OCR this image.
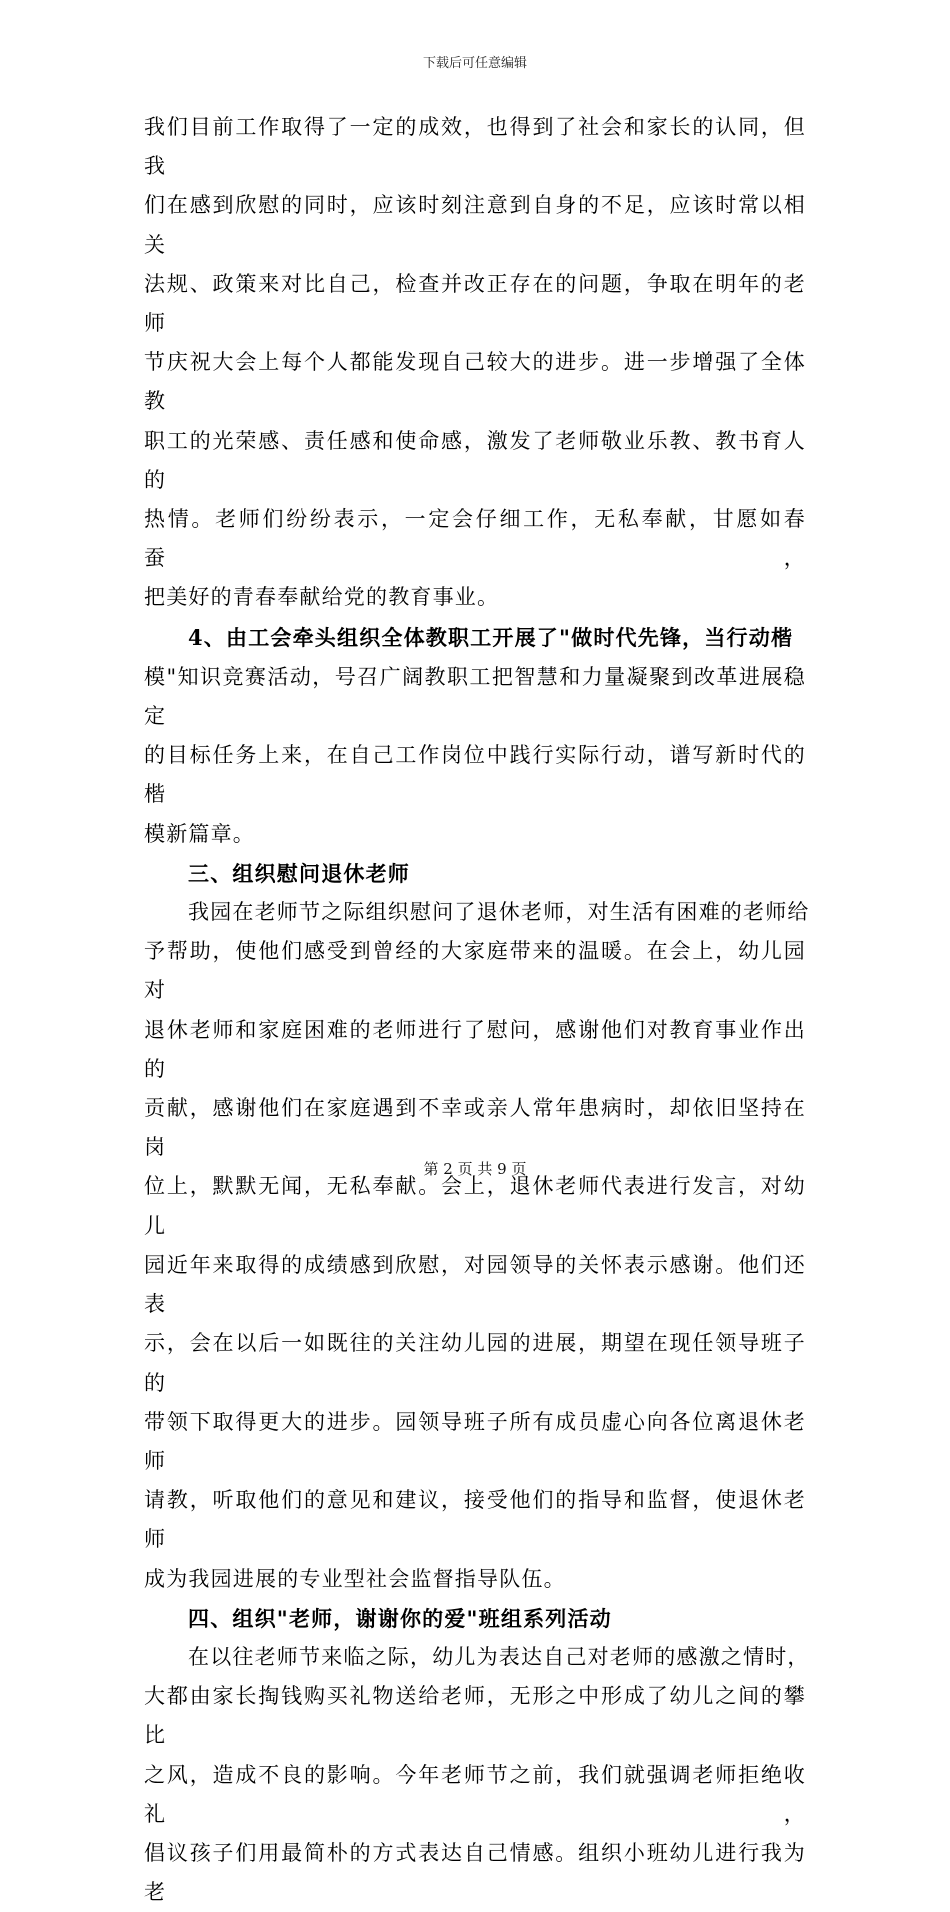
下载后可任意编辑
我们目前工作取得了一定的成效，也得到了社会和家长的认同，但我
们在感到欣慰的同时，应该时刻注意到自身的不足，应该时常以相关
法规、政策来对比自己，检查并改正存在的问题，争取在明年的老师
节庆祝大会上每个人都能发现自己较大的进步。进一步增强了全体教
职工的光荣感、责任感和使命感，激发了老师敬业乐教、教书育人的
热情。老师们纷纷表示，一定会仔细工作，无私奉献，甘愿如春蚕，
把美好的青春奉献给党的教育事业。
4、由工会牵头组织全体教职工开展了"做时代先锋，当行动楷
模"知识竞赛活动，号召广阔教职工把智慧和力量凝聚到改革进展稳定
的目标任务上来，在自己工作岗位中践行实际行动，谱写新时代的楷
模新篇章。
三、组织慰问退休老师
我园在老师节之际组织慰问了退休老师，对生活有困难的老师给
予帮助，使他们感受到曾经的大家庭带来的温暖。在会上，幼儿园对
退休老师和家庭困难的老师进行了慰问，感谢他们对教育事业作出的
贡献，感谢他们在家庭遇到不幸或亲人常年患病时，却依旧坚持在岗
位上，默默无闻，无私奉献。会上，退休老师代表进行发言，对幼儿
园近年来取得的成绩感到欣慰，对园领导的关怀表示感谢。他们还表
示，会在以后一如既往的关注幼儿园的进展，期望在现任领导班子的
带领下取得更大的进步。园领导班子所有成员虚心向各位离退休老师
请教，听取他们的意见和建议，接受他们的指导和监督，使退休老师
成为我园进展的专业型社会监督指导队伍。
四、组织"老师，谢谢你的爱"班组系列活动
在以往老师节来临之际，幼儿为表达自己对老师的感激之情时，
大都由家长掏钱购买礼物送给老师，无形之中形成了幼儿之间的攀比
之风，造成不良的影响。今年老师节之前，我们就强调老师拒绝收礼，
倡议孩子们用最简朴的方式表达自己情感。组织小班幼儿进行我为老
第 2 页 共 9 页
